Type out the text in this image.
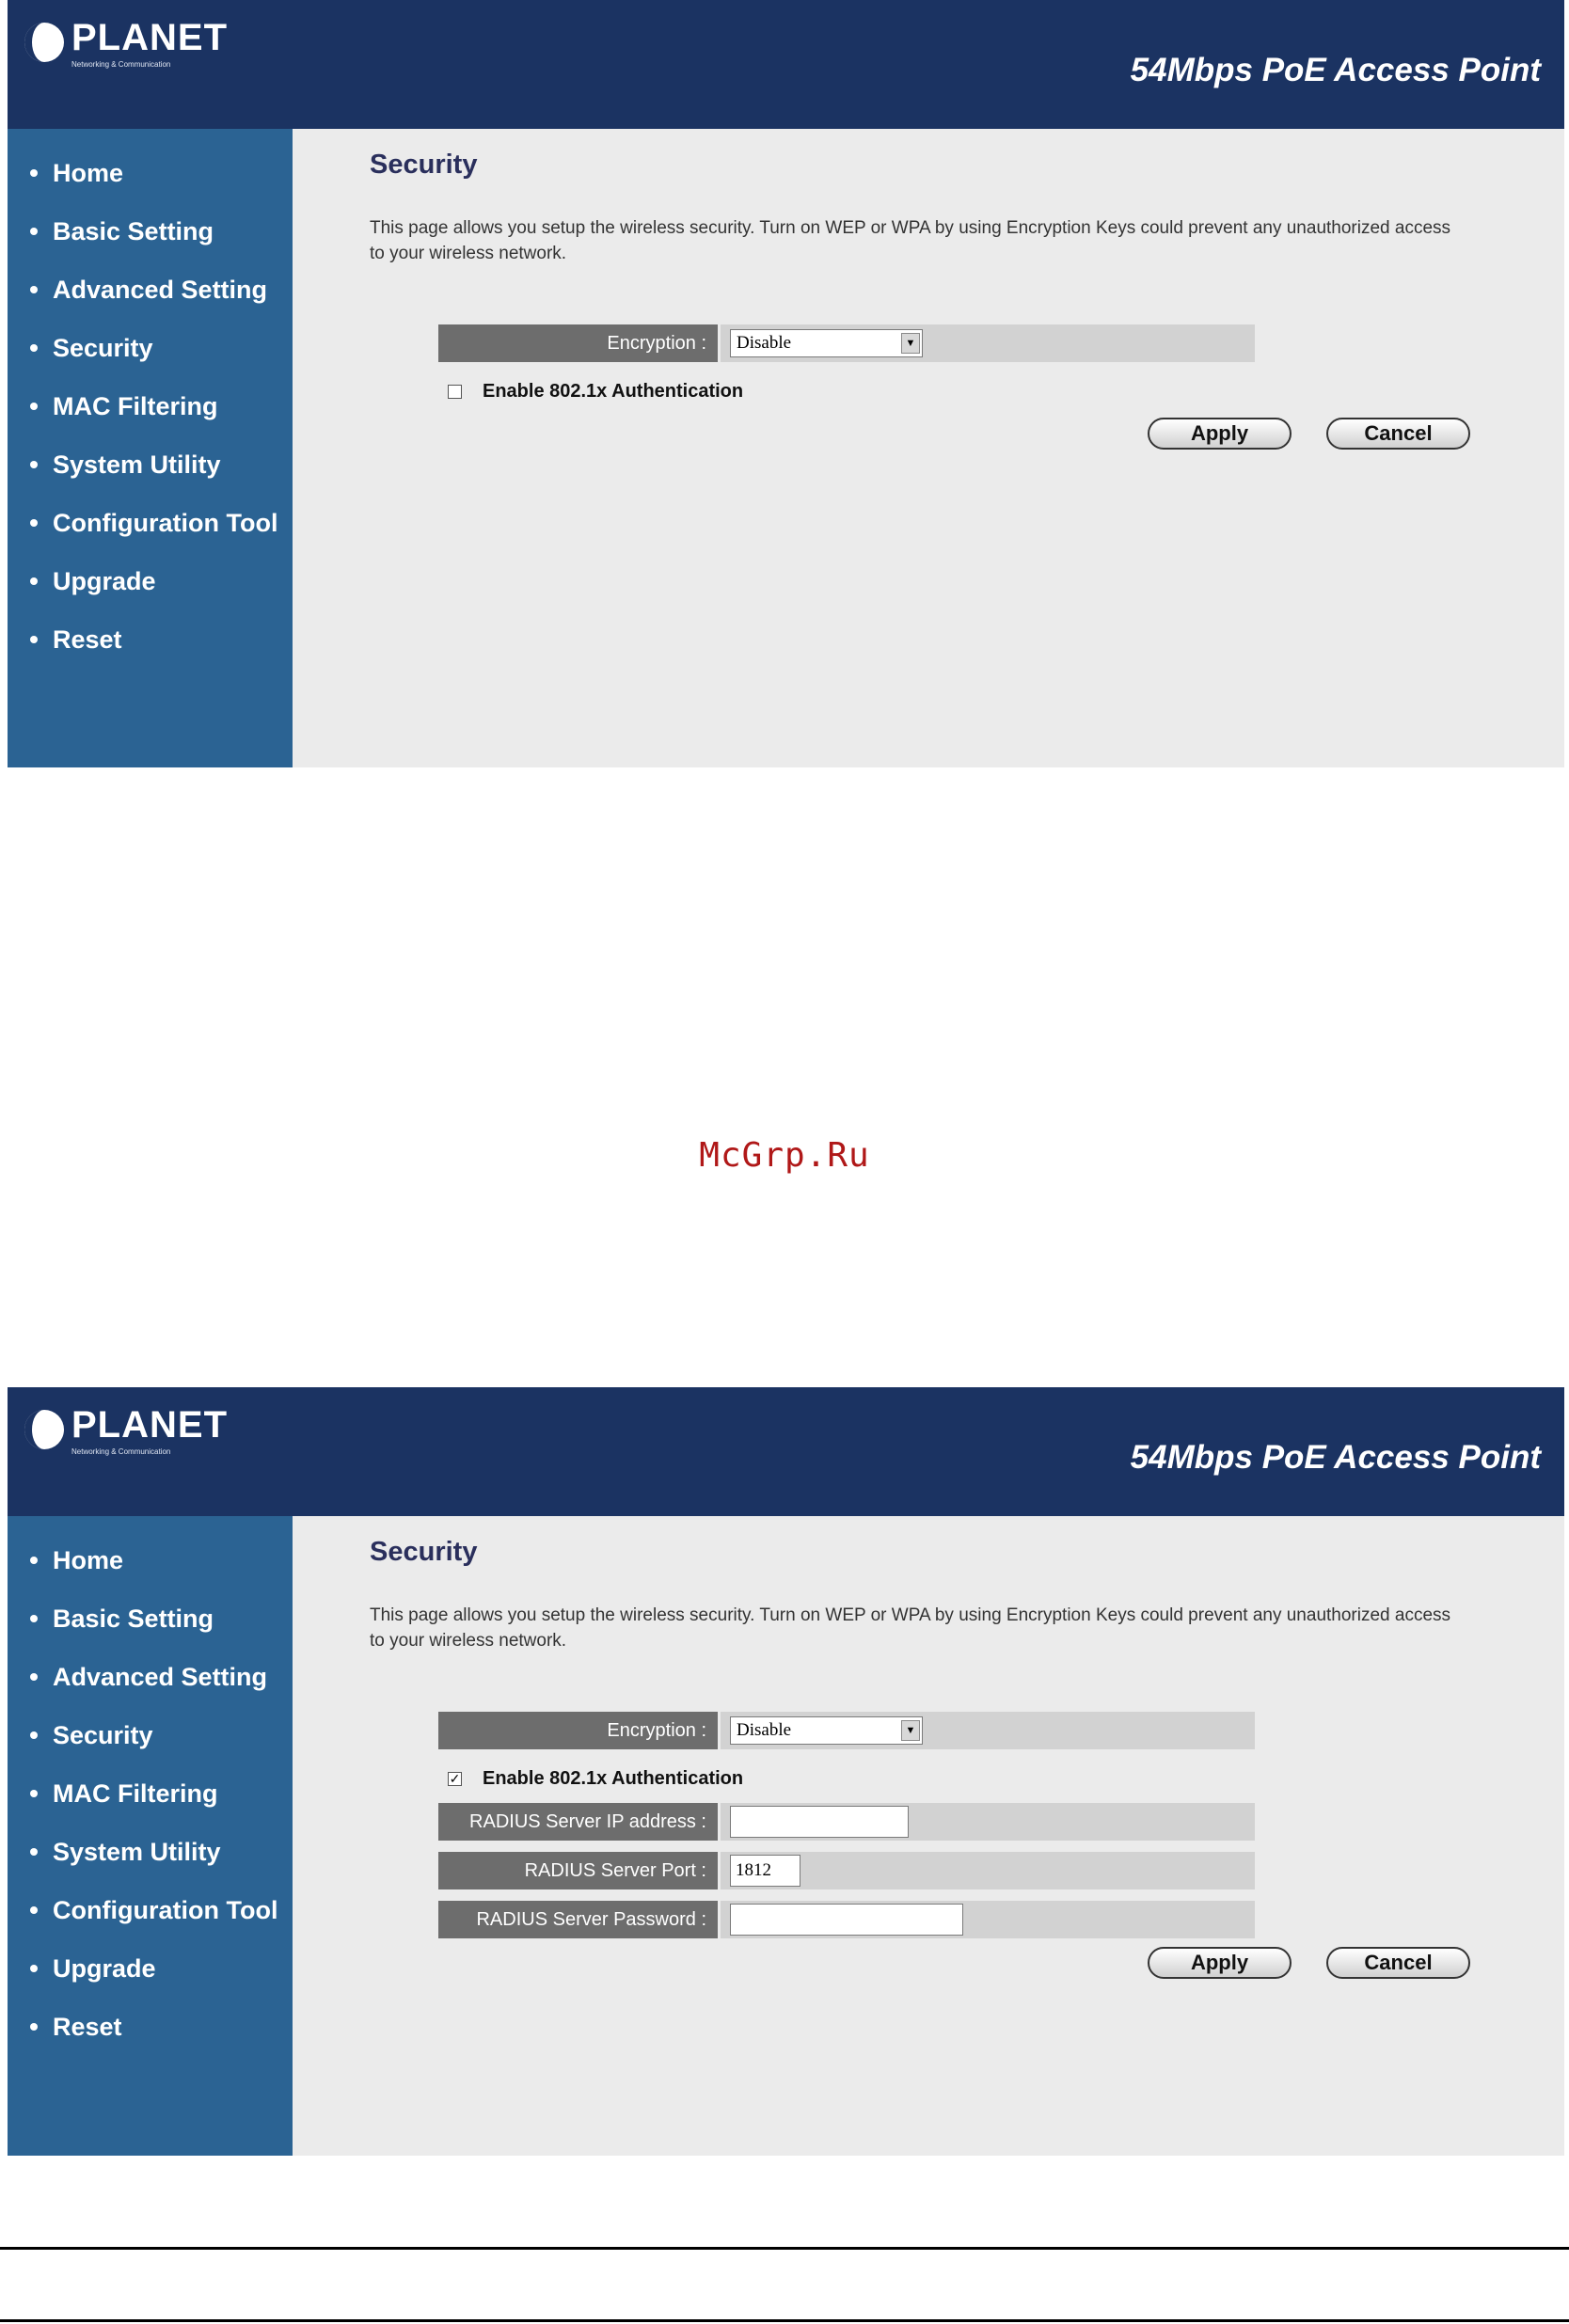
PLANET
Networking & Communication	54Mbps PoE Access Point
Home
Basic Setting
Advanced Setting
Security
MAC Filtering
System Utility
Configuration Tool
Upgrade
Reset
Security
This page allows you setup the wireless security. Turn on WEP or WPA by using Encryption Keys could prevent any unauthorized access to your wireless network.
Encryption :	Disable	▼
Enable 802.1x Authentication
Apply	Cancel
McGrp.Ru
PLANET
Networking & Communication	54Mbps PoE Access Point
Home
Basic Setting
Advanced Setting
Security
MAC Filtering
System Utility
Configuration Tool
Upgrade
Reset
Security
This page allows you setup the wireless security. Turn on WEP or WPA by using Encryption Keys could prevent any unauthorized access to your wireless network.
Encryption :	Disable	▼
✓ Enable 802.1x Authentication
RADIUS Server IP address :
RADIUS Server Port :	1812
RADIUS Server Password :
Apply	Cancel
